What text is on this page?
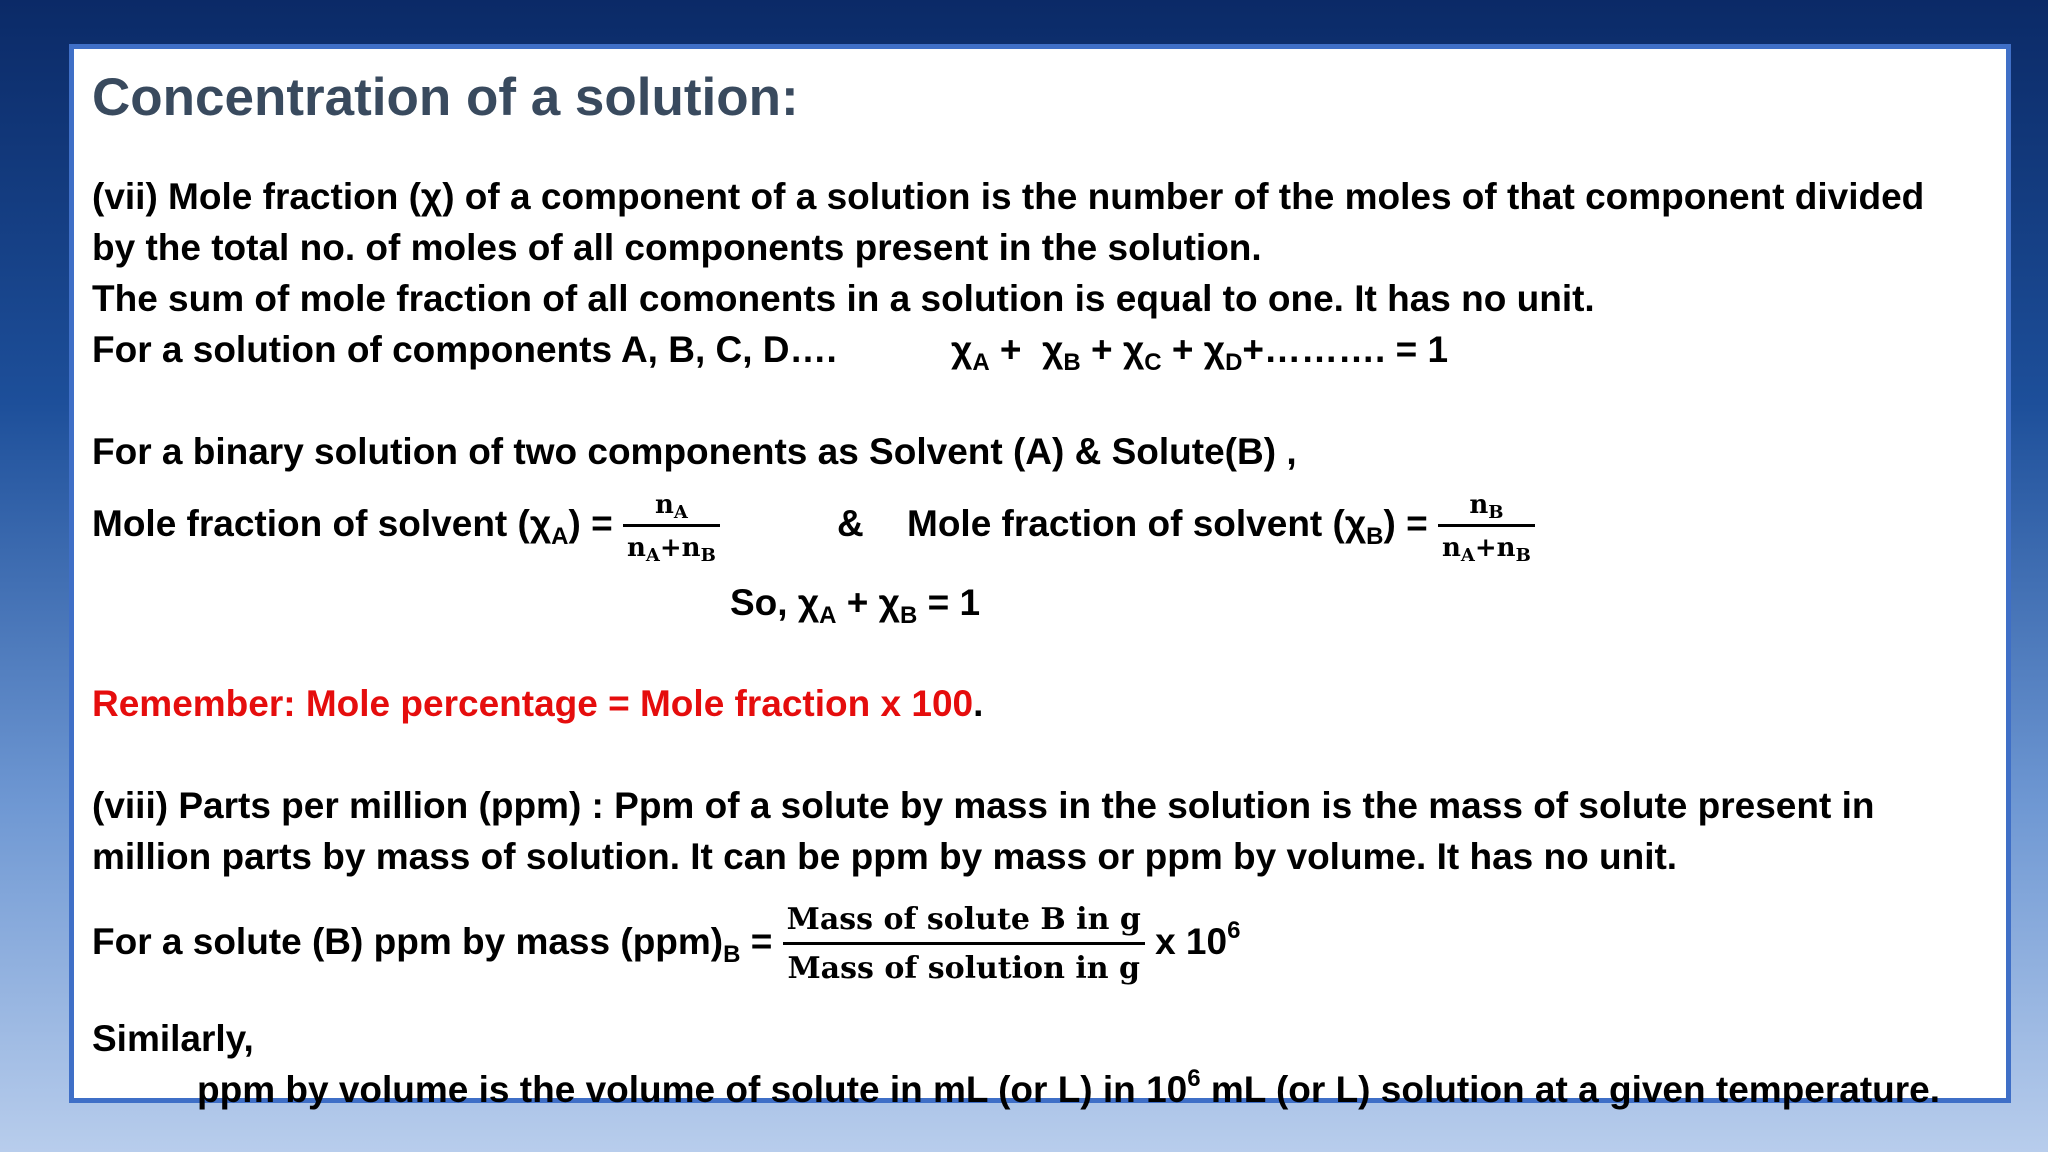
Concentration of a solution:
(vii) Mole fraction (χ) of a component of a solution is the number of the moles of that component divided
by the total no. of moles of all components present in the solution.
The sum of mole fraction of all comonents in a solution is equal to one. It has no unit.
For a solution of components A, B, C, D….	$\chi_A + \chi_B + \chi_C$ + $\chi_D+\dots\dots\dots$. = 1
For a binary solution of two components as Solvent (A) & Solute(B) ,
Mole fraction of solvent $(\chi_A) = \frac{n_A}{n_A+n_B}$	& Mole fraction of solvent $(\chi_B) = \frac{n_B}{n_A+n_B}$
So, $\chi_A + \chi_B = 1$
Remember: Mole percentage = Mole fraction x 100.
(viii) Parts per million (ppm) : Ppm of a solute by mass in the solution is the mass of solute present in
million parts by mass of solution. It can be ppm by mass or ppm by volume. It has no unit.
For a solute (B) ppm by mass $(ppm)_B = \frac{\text{Mass of solute B in g}}{\text{Mass of solution in g}}$ x $10^6$
Similarly,
ppm by volume is the volume of solute in mL (or L) in $10^6$ mL (or L) solution at a given temperature.
